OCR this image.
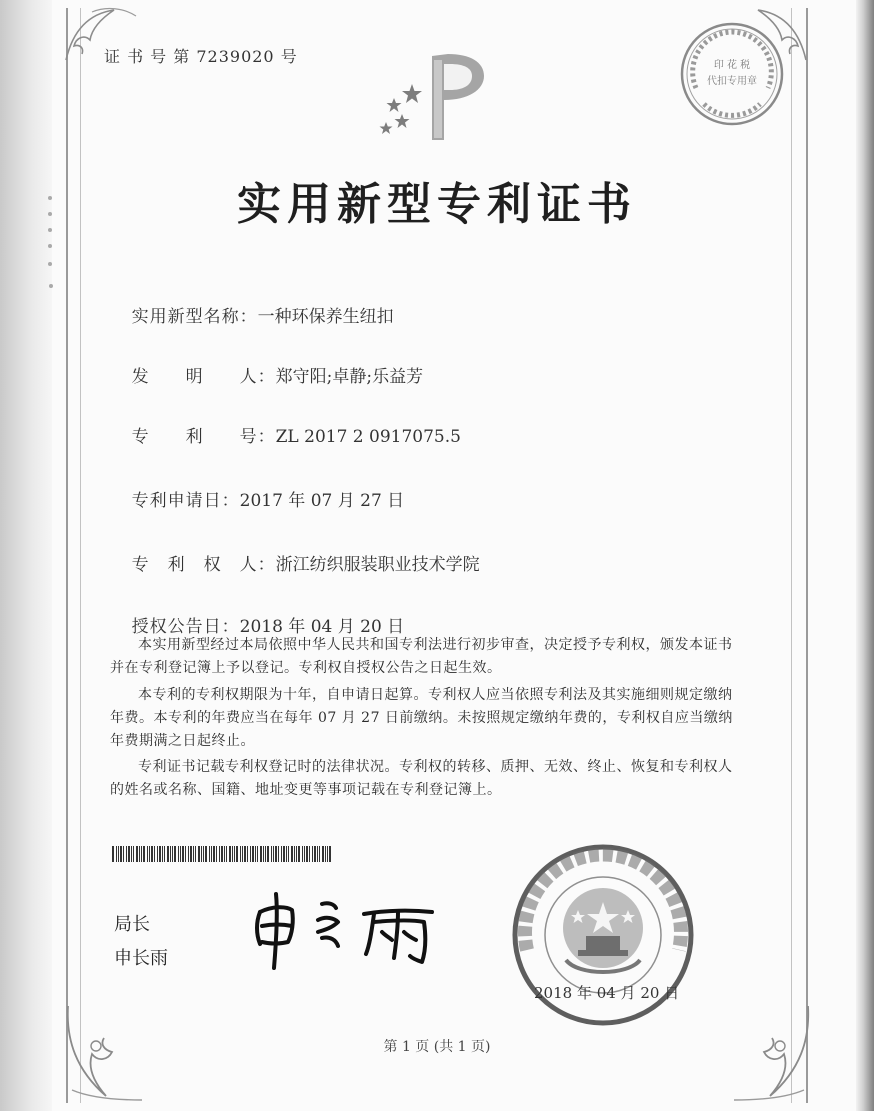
证 书 号 第 7239020 号	印 花 税
代扣专用章
实用新型专利证书

实用新型名称：一种环保养生纽扣

发　　明　　人：郑守阳;卓静;乐益芳

专　　利　　号：ZL 2017 2 0917075.5

专利申请日：2017 年 07 月 27 日

专　利　权　人：浙江纺织服装职业技术学院

授权公告日：2018 年 04 月 20 日

本实用新型经过本局依照中华人民共和国专利法进行初步审查，决定授予专利权，颁发本证书并在专利登记簿上予以登记。专利权自授权公告之日起生效。
本专利的专利权期限为十年，自申请日起算。专利权人应当依照专利法及其实施细则规定缴纳年费。本专利的年费应当在每年 07 月 27 日前缴纳。未按照规定缴纳年费的，专利权自应当缴纳年费期满之日起终止。
专利证书记载专利权登记时的法律状况。专利权的转移、质押、无效、终止、恢复和专利权人的姓名或名称、国籍、地址变更等事项记载在专利登记簿上。
局长
申长雨
2018 年 04 月 20 日
第 1 页 (共 1 页)
